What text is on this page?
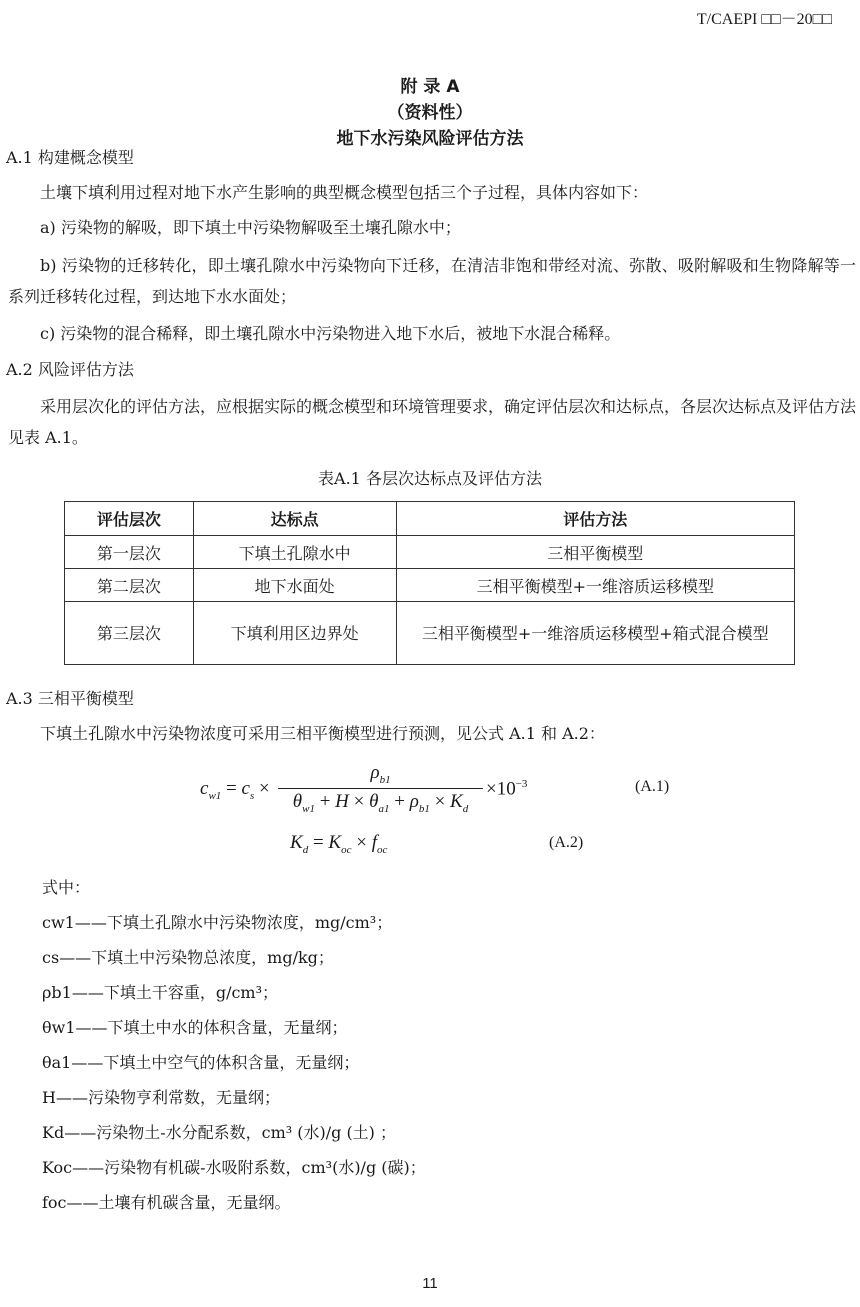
T/CAEPI □□－20□□
附 录 A
（资料性）
地下水污染风险评估方法
A.1 构建概念模型
土壤下填利用过程对地下水产生影响的典型概念模型包括三个子过程，具体内容如下：
a) 污染物的解吸，即下填土中污染物解吸至土壤孔隙水中；
b) 污染物的迁移转化，即土壤孔隙水中污染物向下迁移，在清洁非饱和带经对流、弥散、吸附解吸和生物降解等一系列迁移转化过程，到达地下水水面处；
c) 污染物的混合稀释，即土壤孔隙水中污染物进入地下水后，被地下水混合稀释。
A.2 风险评估方法
采用层次化的评估方法，应根据实际的概念模型和环境管理要求，确定评估层次和达标点，各层次达标点及评估方法见表 A.1。
表A.1 各层次达标点及评估方法
评估层次	达标点	评估方法
第一层次	下填土孔隙水中	三相平衡模型
第二层次	地下水面处	三相平衡模型+一维溶质运移模型
第三层次	下填利用区边界处	三相平衡模型+一维溶质运移模型+箱式混合模型
A.3 三相平衡模型
下填土孔隙水中污染物浓度可采用三相平衡模型进行预测，见公式 A.1 和 A.2：
$c_{w1} = c_s \times \frac{\rho_{b1}}{\theta_{w1} + H \times \theta_{a1} + \rho_{b1} \times K_d} \times 10^{-3}$	(A.1)
$K_d = K_{oc} \times f_{oc}$	(A.2)
式中：
cw1——下填土孔隙水中污染物浓度，mg/cm³；
cs——下填土中污染物总浓度，mg/kg；
ρb1——下填土干容重，g/cm³；
θw1——下填土中水的体积含量，无量纲；
θa1——下填土中空气的体积含量，无量纲；
H——污染物亨利常数，无量纲；
Kd——污染物土-水分配系数，cm³ (水)/g (土) ；
Koc——污染物有机碳-水吸附系数，cm³(水)/g (碳)；
foc——土壤有机碳含量，无量纲。
11
